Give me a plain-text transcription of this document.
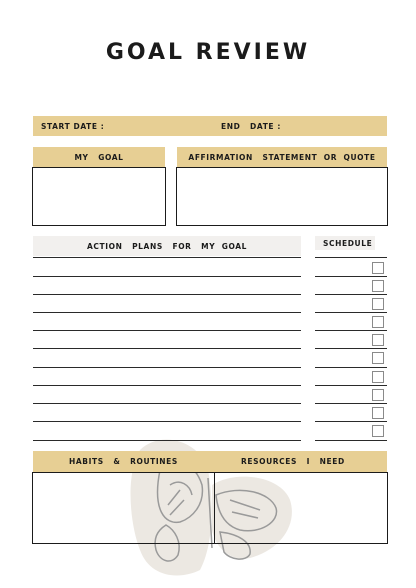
GOAL REVIEW
START DATE :	END   DATE :
MY   GOAL	AFFIRMATION   STATEMENT  OR  QUOTE
ACTION   PLANS   FOR   MY  GOAL	SCHEDULE
HABITS   &   ROUTINES	RESOURCES   I   NEED
